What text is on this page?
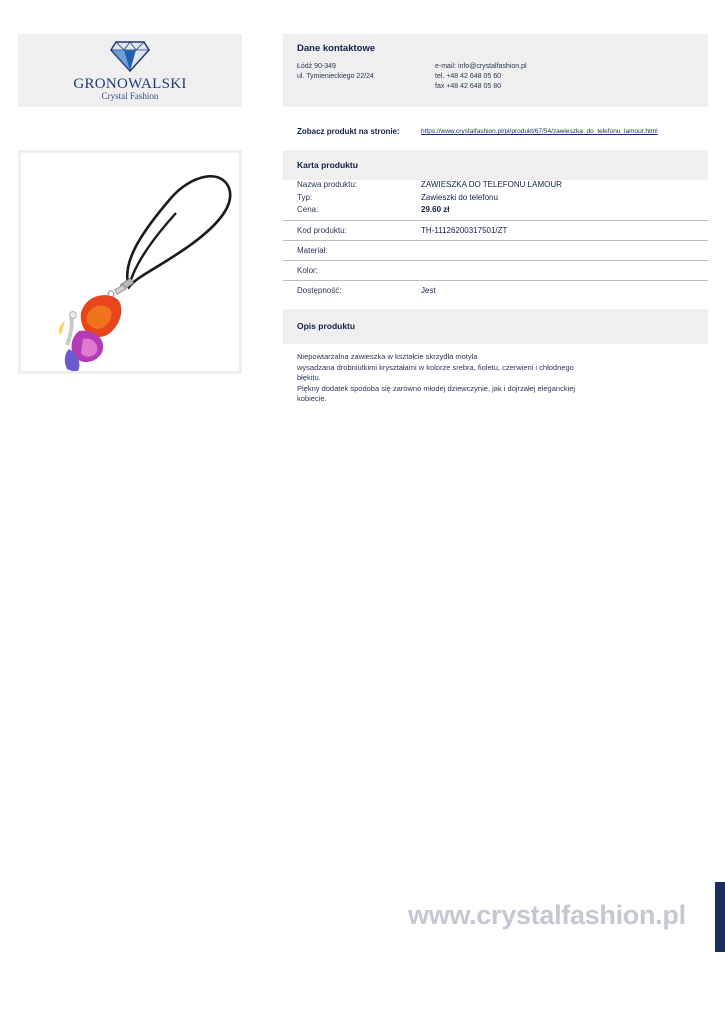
GRONOWALSKI
Crystal Fashion
Dane kontaktowe
Łódź 90-349
ul. Tymienieckiego 22/24
e-mail: info@crystalfashion.pl
tel. +48 42 648 05 60
fax +48 42 648 05 80
Zobacz produkt na stronie:	https://www.crystalfashion.pl/pl/produkt/67/54/zawieszka_do_telefonu_lamour.html
Karta produktu
Nazwa produktu:	ZAWIESZKA DO TELEFONU LAMOUR
Typ:	Zawieszki do telefonu
Cena:	29.60 zł
Kod produktu:	TH-11126200317501/ZT
Materiał:
Kolor:
Dostępność:	Jest
Opis produktu
Niepowtarzalna zawieszka w kształcie skrzydła motyla
wysadzana drobniutkimi kryształami w kolorze srebra, fioletu, czerwieni i chłodnego
błękitu.
Piękny dodatek spodoba się zarówno młodej dziewczynie, jak i dojrzałej eleganckiej
kobiecie.
www.crystalfashion.pl
